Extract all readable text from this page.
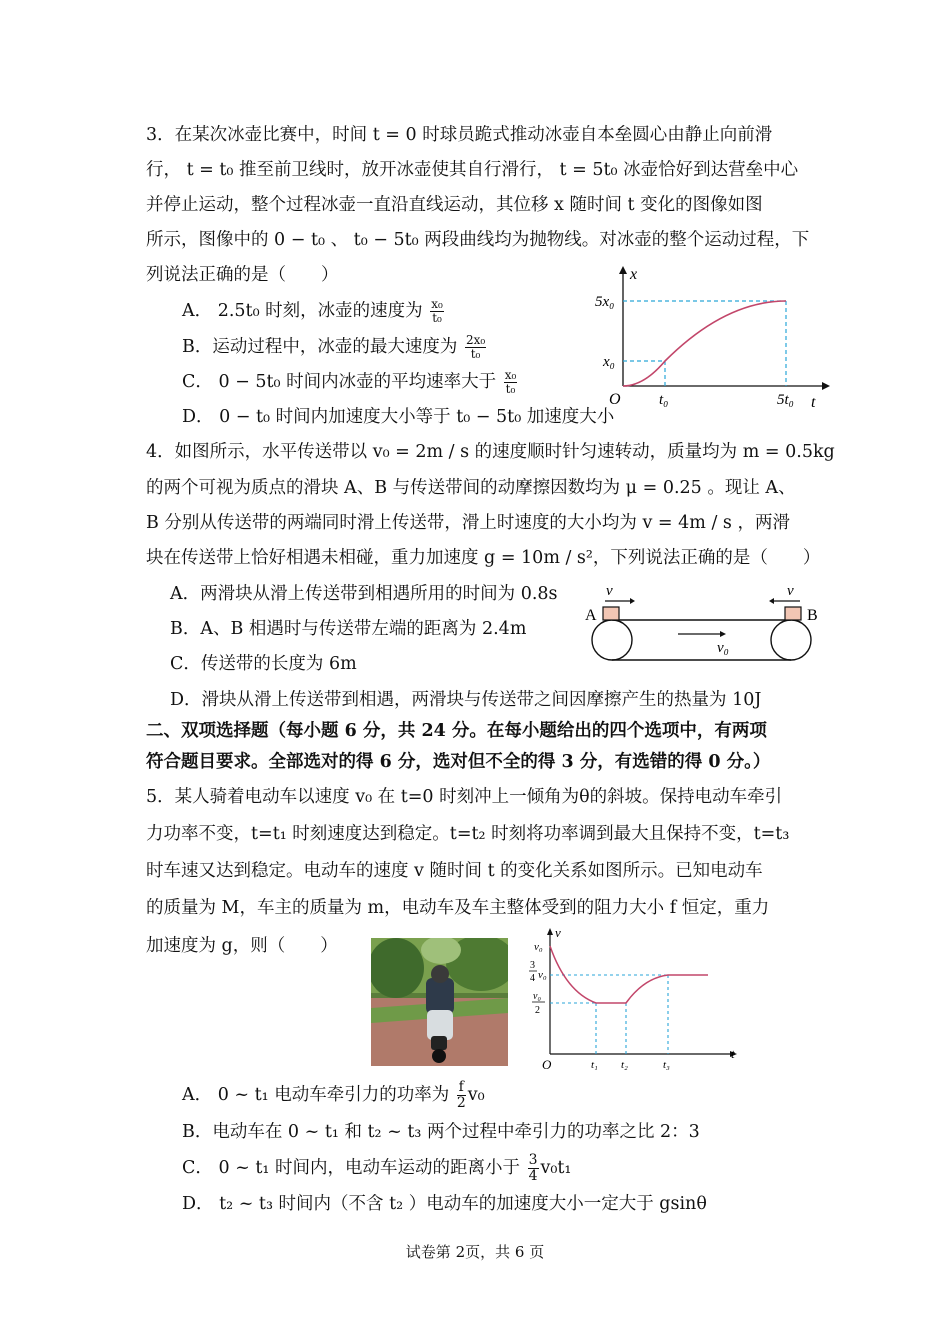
3．在某次冰壶比赛中，时间 t = 0 时球员跪式推动冰壶自本垒圆心由静止向前滑
行， t = t₀ 推至前卫线时，放开冰壶使其自行滑行， t = 5t₀ 冰壶恰好到达营垒中心
并停止运动，整个过程冰壶一直沿直线运动，其位移 x 随时间 t 变化的图像如图
所示，图像中的 0 − t₀ 、 t₀ − 5t₀ 两段曲线均为抛物线。对冰壶的整个运动过程，下
列说法正确的是（　　）
A． 2.5t₀ 时刻，冰壶的速度为 $\frac{\text{x₀}}{\text{t₀}}$
B．运动过程中，冰壶的最大速度为 $\frac{\text{2x₀}}{\text{t₀}}$
C． 0 − 5t₀ 时间内冰壶的平均速率大于 $\frac{\text{x₀}}{\text{t₀}}$
D． 0 − t₀ 时间内加速度大小等于 t₀ − 5t₀ 加速度大小
x
t
O
5x₀
x₀
t₀	5t₀
4．如图所示，水平传送带以 v₀ = 2m / s 的速度顺时针匀速转动，质量均为 m = 0.5kg
的两个可视为质点的滑块 A、B 与传送带间的动摩擦因数均为 μ = 0.25 。现让 A、
B 分别从传送带的两端同时滑上传送带，滑上时速度的大小均为 v = 4m / s ，两滑
块在传送带上恰好相遇未相碰，重力加速度 g = 10m / s²，下列说法正确的是（　　）
A．两滑块从滑上传送带到相遇所用的时间为 0.8s
B．A、B 相遇时与传送带左端的距离为 2.4m
C．传送带的长度为 6m
D．滑块从滑上传送带到相遇，两滑块与传送带之间因摩擦产生的热量为 10J
A	B
v	v
v₀
二、双项选择题（每小题 6 分，共 24 分。在每小题给出的四个选项中，有两项
符合题目要求。全部选对的得 6 分，选对但不全的得 3 分，有选错的得 0 分。）
5．某人骑着电动车以速度 v₀ 在 t=0 时刻冲上一倾角为θ的斜坡。保持电动车牵引
力功率不变，t=t₁ 时刻速度达到稳定。t=t₂ 时刻将功率调到最大且保持不变，t=t₃
时车速又达到稳定。电动车的速度 v 随时间 t 的变化关系如图所示。已知电动车
的质量为 M，车主的质量为 m，电动车及车主整体受到的阻力大小 f 恒定，重力
加速度为 g，则（　　）
v
t
O
v₀
3
4 v₀
v₀
2
t₁ t₂	t₃
A． 0 ~ t₁ 电动车牵引力的功率为 $\frac{f}{2} v_0$
B．电动车在 0 ~ t₁ 和 t₂ ~ t₃ 两个过程中牵引力的功率之比 2：3
C． 0 ~ t₁ 时间内，电动车运动的距离小于 $\frac{3}{4} v_0t_1$
D． t₂ ~ t₃ 时间内（不含 t₂ ）电动车的加速度大小一定大于 gsinθ
试卷第 2页，共 6 页
